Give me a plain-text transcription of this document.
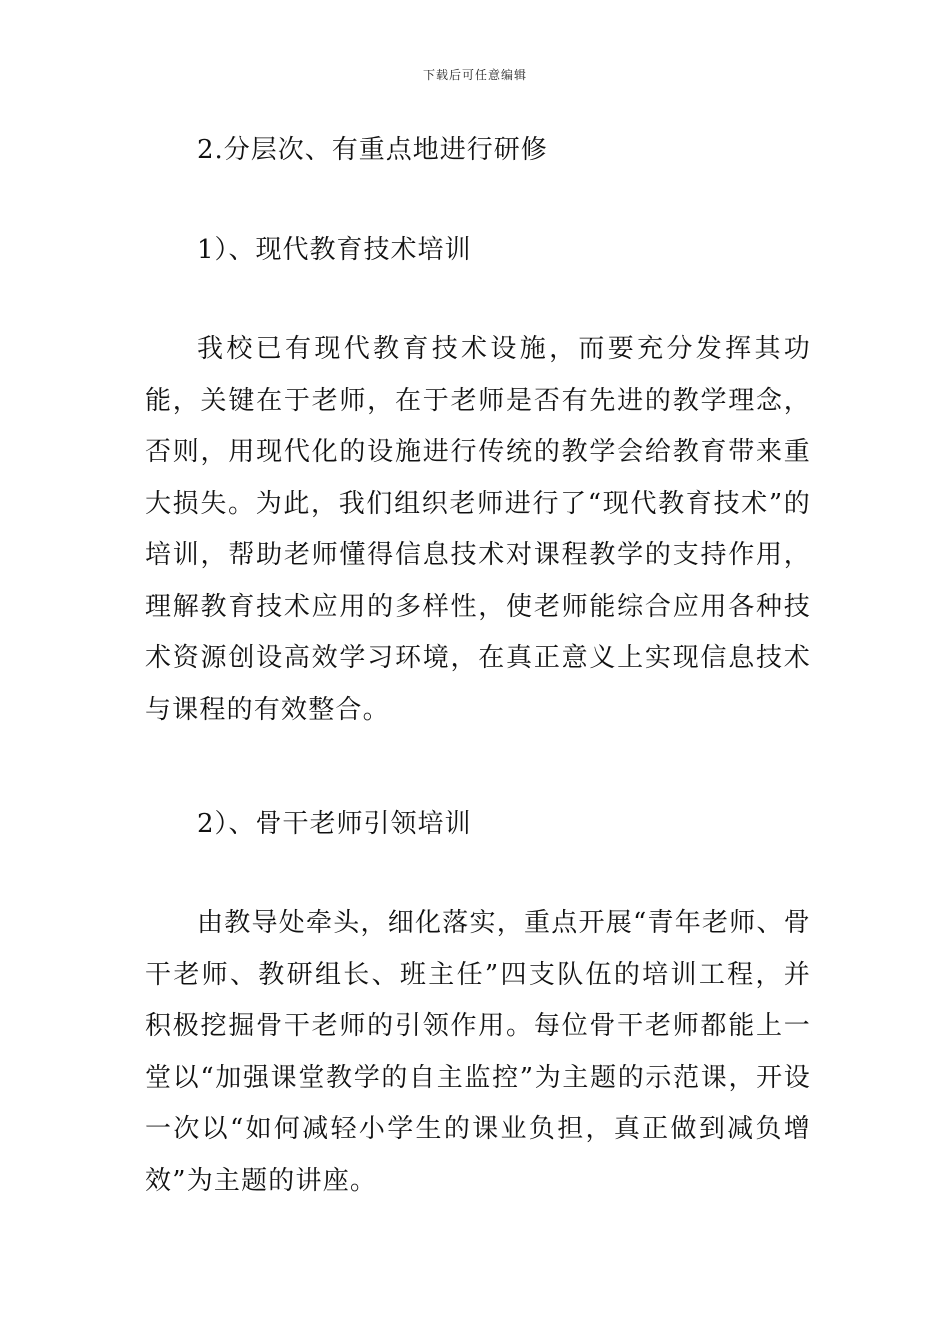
下载后可任意编辑

2.分层次、有重点地进行研修

1）、现代教育技术培训

我校已有现代教育技术设施，而要充分发挥其功能，关键在于老师，在于老师是否有先进的教学理念，否则，用现代化的设施进行传统的教学会给教育带来重大损失。为此，我们组织老师进行了“现代教育技术”的培训，帮助老师懂得信息技术对课程教学的支持作用，理解教育技术应用的多样性，使老师能综合应用各种技术资源创设高效学习环境，在真正意义上实现信息技术与课程的有效整合。

2）、骨干老师引领培训

由教导处牵头，细化落实，重点开展“青年老师、骨干老师、教研组长、班主任”四支队伍的培训工程，并积极挖掘骨干老师的引领作用。每位骨干老师都能上一堂以“加强课堂教学的自主监控”为主题的示范课，开设一次以“如何减轻小学生的课业负担，真正做到减负增效”为主题的讲座。
